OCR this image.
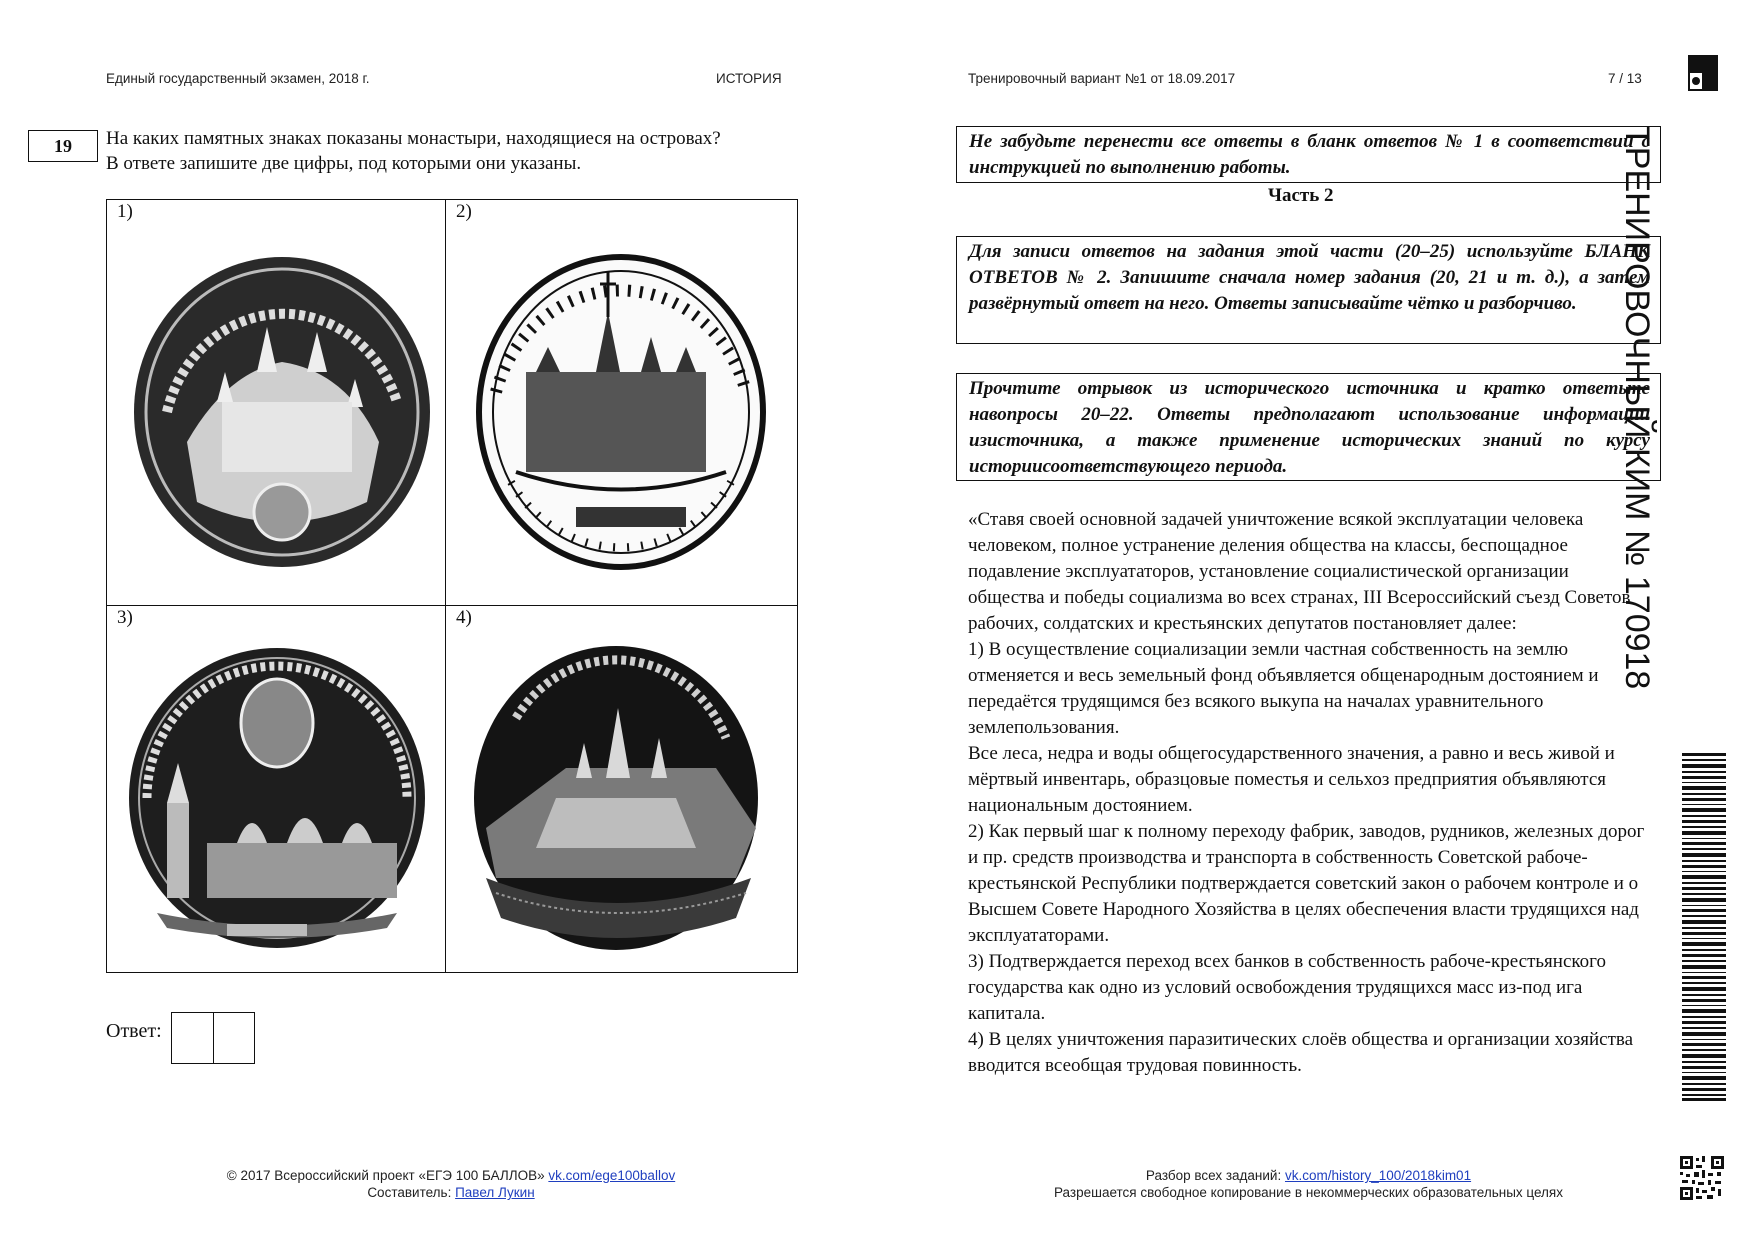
Единый государственный экзамен, 2018 г.	ИСТОРИЯ	Тренировочный вариант №1 от 18.09.2017	7 / 13
19	На каких памятных знаках показаны монастыри, находящиеся на островах?
В ответе запишите две цифры, под которыми они указаны.
1)	2)
3)	4)
Ответ:
Не забудьте перенести все ответы в бланк ответов № 1 в соответствии с инструкцией по выполнению работы.
Часть 2
Для записи ответов на задания этой части (20–25) используйте БЛАНК ОТВЕТОВ № 2. Запишите сначала номер задания (20, 21 и т. д.), а затем развёрнутый ответ на него. Ответы записывайте чётко и разборчиво.
Прочтите отрывок из исторического источника и кратко ответьте навопросы 20–22. Ответы предполагают использование информации изисточника, а также применение исторических знаний по курсу историисоответствующего периода.

«Ставя своей основной задачей уничтожение всякой эксплуатации человека человеком, полное устранение деления общества на классы, беспощадное подавление эксплуататоров, установление социалистической организации общества и победы социализма во всех странах, III Всероссийский съезд Советов рабочих, солдатских и крестьянских депутатов постановляет далее:

1) В осуществление социализации земли частная собственность на землю отменяется и весь земельный фонд объявляется общенародным достоянием и передаётся трудящимся без всякого выкупа на началах уравнительного землепользования.

Все леса, недра и воды общегосударственного значения, а равно и весь живой и мёртвый инвентарь, образцовые поместья и сельхоз предприятия объявляются национальным достоянием.

2) Как первый шаг к полному переходу фабрик, заводов, рудников, железных дорог и пр. средств производства и транспорта в собственность Советской рабоче-крестьянской Республики подтверждается советский закон о рабочем контроле и о

Высшем Совете Народного Хозяйства в целях обеспечения власти трудящихся над эксплуататорами.

3) Подтверждается переход всех банков в собственность рабоче-крестьянского государства как одно из условий освобождения трудящихся масс из-под ига капитала.

4) В целях уничтожения паразитических слоёв общества и организации хозяйства вводится всеобщая трудовая повинность.

ТРЕНИРОВОЧНЫЙ КИМ № 170918
© 2017 Всероссийский проект «ЕГЭ 100 БАЛЛОВ» vk.com/ege100ballov
Составитель: Павел Лукин
Разбор всех заданий: vk.com/history_100/2018kim01
Разрешается свободное копирование в некоммерческих образовательных целях
